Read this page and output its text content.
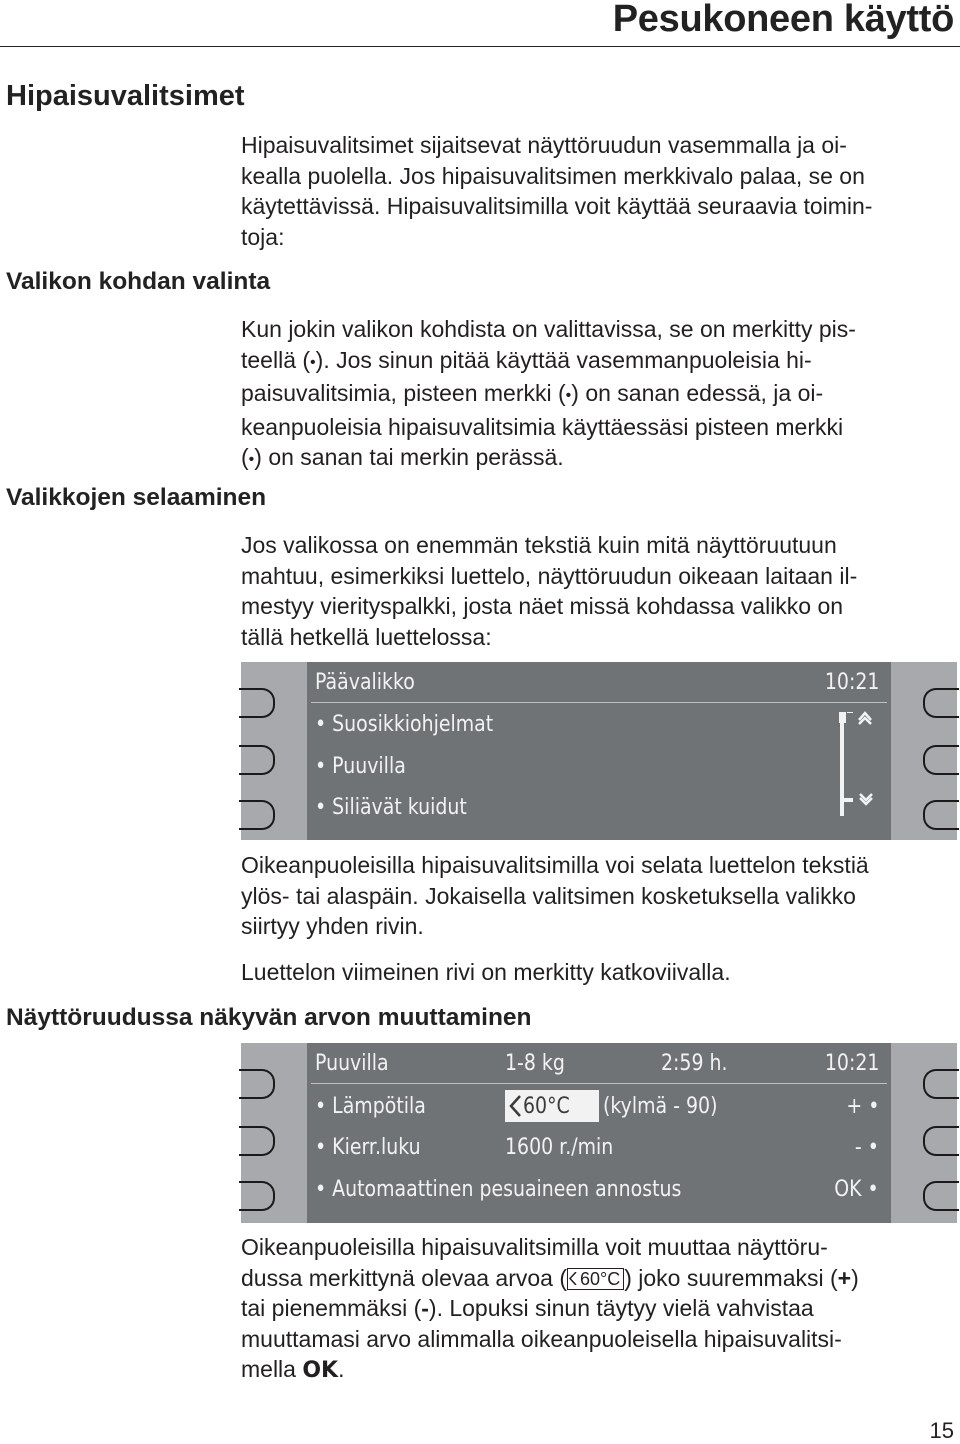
Pesukoneen käyttö
Hipaisuvalitsimet
Hipaisuvalitsimet sijaitsevat näyttöruudun vasemmalla ja oi-
kealla puolella. Jos hipaisuvalitsimen merkkivalo palaa, se on
käytettävissä. Hipaisuvalitsimilla voit käyttää seuraavia toimin-
toja:
Valikon kohdan valinta
Kun jokin valikon kohdista on valittavissa, se on merkitty pis-
teellä (•). Jos sinun pitää käyttää vasemmanpuoleisia hi-
paisuvalitsimia, pisteen merkki (•) on sanan edessä, ja oi-
keanpuoleisia hipaisuvalitsimia käyttäessäsi pisteen merkki
(•) on sanan tai merkin perässä.
Valikkojen selaaminen
Jos valikossa on enemmän tekstiä kuin mitä näyttöruutuun
mahtuu, esimerkiksi luettelo, näyttöruudun oikeaan laitaan il-
mestyy vierityspalkki, josta näet missä kohdassa valikko on
tällä hetkellä luettelossa:
Päävalikko	10:21
• Suosikkiohjelmat
• Puuvilla
• Siliävät kuidut
Oikeanpuoleisilla hipaisuvalitsimilla voi selata luettelon tekstiä
ylös- tai alaspäin. Jokaisella valitsimen kosketuksella valikko
siirtyy yhden rivin.
Luettelon viimeinen rivi on merkitty katkoviivalla.
Näyttöruudussa näkyvän arvon muuttaminen
Puuvilla	1-8 kg	2:59 h.	10:21
• Lämpötila	60°C (kylmä - 90)	+ •
• Kierr.luku	1600 r./min	- •
• Automaattinen pesuaineen annostus	OK •
Oikeanpuoleisilla hipaisuvalitsimilla voit muuttaa näyttöru-
dussa merkittynä olevaa arvoa ( 60°C ) joko suuremmaksi (+)
tai pienemmäksi (-). Lopuksi sinun täytyy vielä vahvistaa
muuttamasi arvo alimmalla oikeanpuoleisella hipaisuvalitsi-
mella OK.
15
